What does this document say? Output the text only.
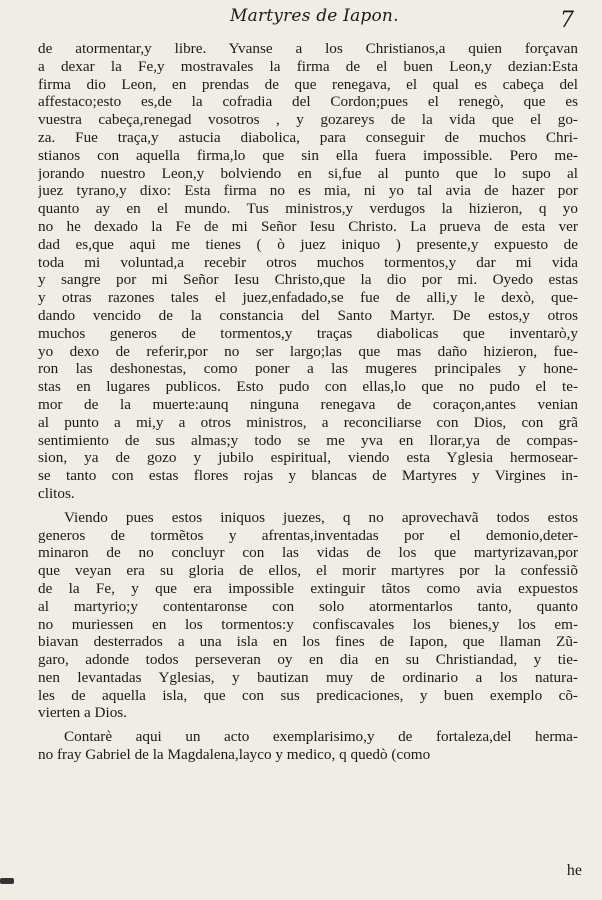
Martyres de Iapon.	7
de atormentar,y libre. Yvanse a los Christianos,a quien forçavan
a dexar la Fe,y mostravales la firma de el buen Leon,y dezian:Esta
firma dio Leon, en prendas de que renegava, el qual es cabeça del
affestaco;esto es,de la cofradia del Cordon;pues el renegò, que es
vuestra cabeça,renegad vosotros , y gozareys de la vida que el go-
za. Fue traça,y astucia diabolica, para conseguir de muchos Chri-
stianos con aquella firma,lo que sin ella fuera impossible. Pero me-
jorando nuestro Leon,y bolviendo en si,fue al punto que lo supo al
juez tyrano,y dixo: Esta firma no es mia, ni yo tal avia de hazer por
quanto ay en el mundo. Tus ministros,y verdugos la hizieron, q yo
no he dexado la Fe de mi Señor Iesu Christo. La prueva de esta ver
dad es,que aqui me tienes ( ò juez iniquo ) presente,y expuesto de
toda mi voluntad,a recebir otros muchos tormentos,y dar mi vida
y sangre por mi Señor Iesu Christo,que la dio por mi. Oyedo estas
y otras razones tales el juez,enfadado,se fue de alli,y le dexò, que-
dando vencido de la constancia del Santo Martyr. De estos,y otros
muchos generos de tormentos,y traças diabolicas que inventarò,y
yo dexo de referir,por no ser largo;las que mas daño hizieron, fue-
ron las deshonestas, como poner a las mugeres principales y hone-
stas en lugares publicos. Esto pudo con ellas,lo que no pudo el te-
mor de la muerte:aunq ninguna renegava de coraçon,antes venian
al punto a mi,y a otros ministros, a reconciliarse con Dios, con grã
sentimiento de sus almas;y todo se me yva en llorar,ya de compas-
sion, ya de gozo y jubilo espiritual, viendo esta Yglesia hermosear-
se tanto con estas flores rojas y blancas de Martyres y Virgines in-
clitos.
Viendo pues estos iniquos juezes, q no aprovechavã todos estos
generos de tormẽtos y afrentas,inventadas por el demonio,deter-
minaron de no concluyr con las vidas de los que martyrizavan,por
que veyan era su gloria de ellos, el morir martyres por la confessiõ
de la Fe, y que era impossible extinguir tãtos como avia expuestos
al martyrio;y contentaronse con solo atormentarlos tanto, quanto
no muriessen en los tormentos:y confiscavales los bienes,y los em-
biavan desterrados a una isla en los fines de Iapon, que llaman Zũ-
garo, adonde todos perseveran oy en dia en su Christiandad, y tie-
nen levantadas Yglesias, y bautizan muy de ordinario a los natura-
les de aquella isla, que con sus predicaciones, y buen exemplo cõ-
vierten a Dios.
Contarè aqui un acto exemplarisimo,y de fortaleza,del herma-
no fray Gabriel de la Magdalena,layco y medico, q quedò (como
he
